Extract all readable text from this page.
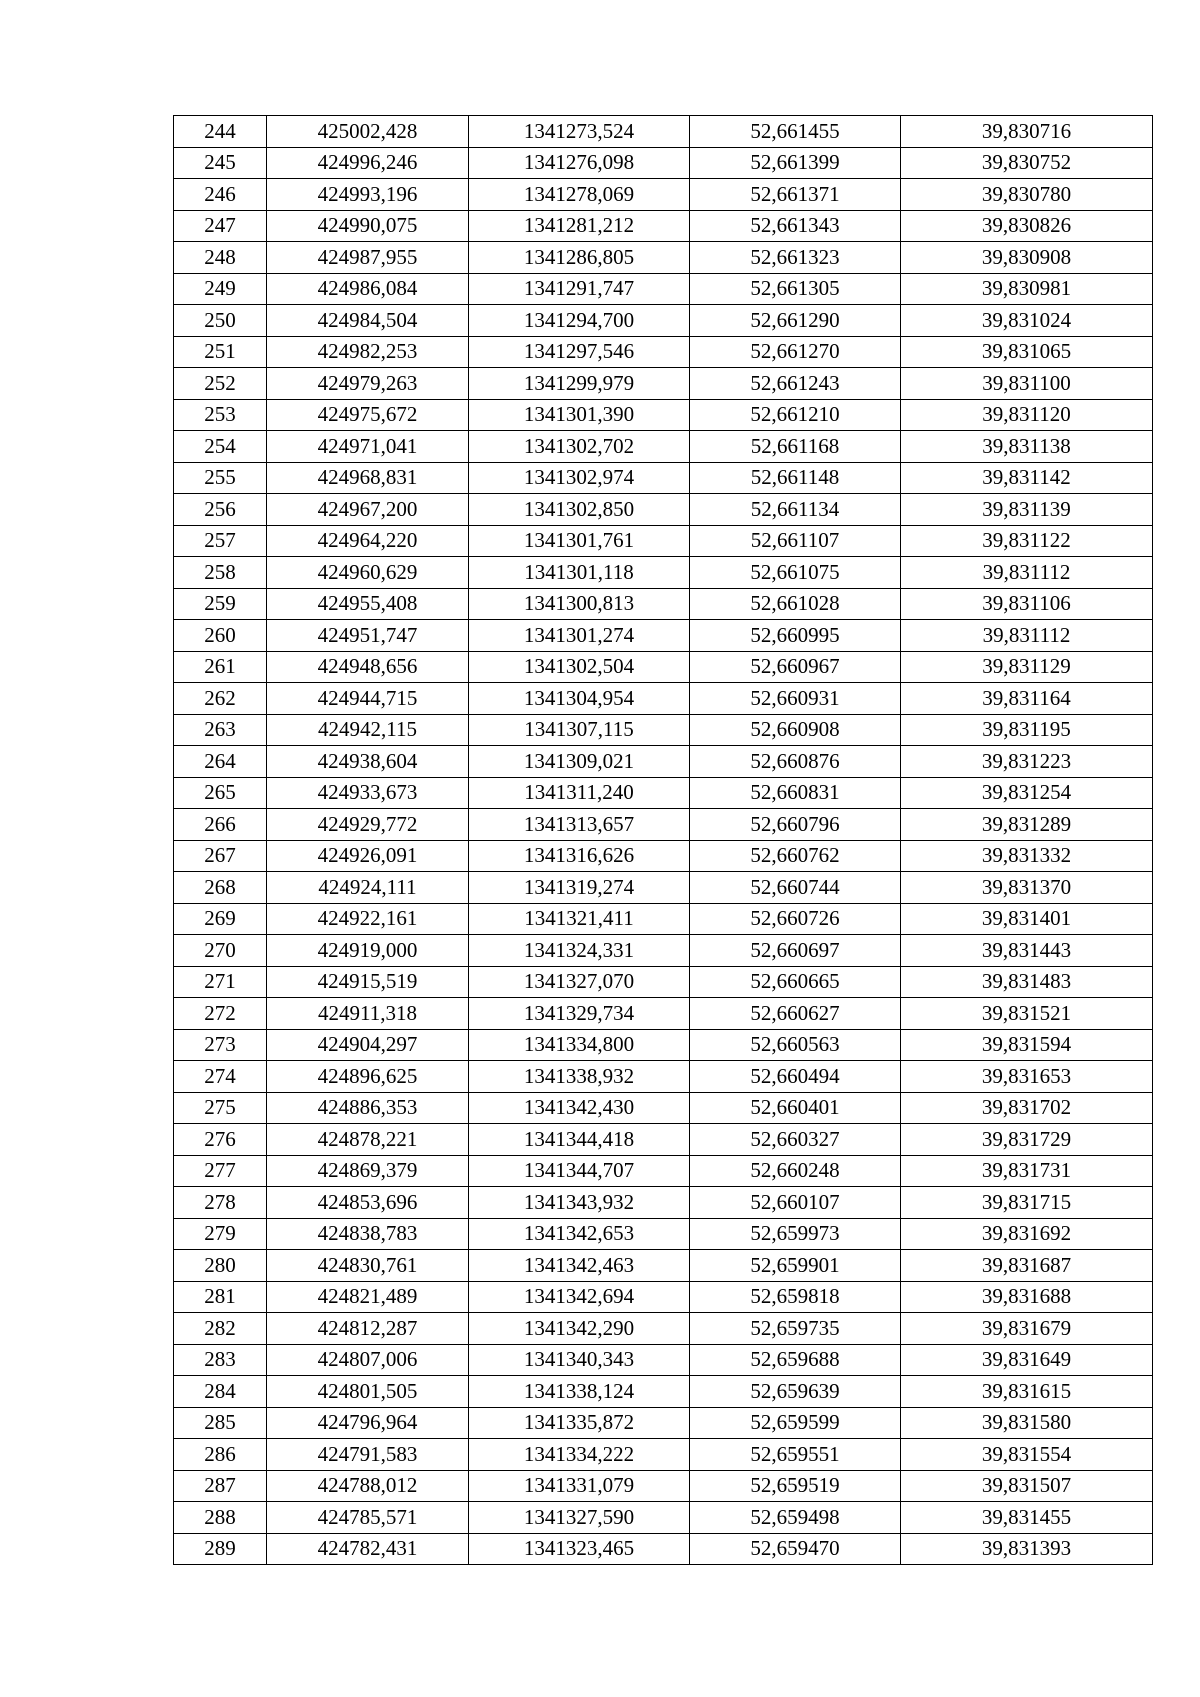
244	425002,428	1341273,524	52,661455	39,830716
245	424996,246	1341276,098	52,661399	39,830752
246	424993,196	1341278,069	52,661371	39,830780
247	424990,075	1341281,212	52,661343	39,830826
248	424987,955	1341286,805	52,661323	39,830908
249	424986,084	1341291,747	52,661305	39,830981
250	424984,504	1341294,700	52,661290	39,831024
251	424982,253	1341297,546	52,661270	39,831065
252	424979,263	1341299,979	52,661243	39,831100
253	424975,672	1341301,390	52,661210	39,831120
254	424971,041	1341302,702	52,661168	39,831138
255	424968,831	1341302,974	52,661148	39,831142
256	424967,200	1341302,850	52,661134	39,831139
257	424964,220	1341301,761	52,661107	39,831122
258	424960,629	1341301,118	52,661075	39,831112
259	424955,408	1341300,813	52,661028	39,831106
260	424951,747	1341301,274	52,660995	39,831112
261	424948,656	1341302,504	52,660967	39,831129
262	424944,715	1341304,954	52,660931	39,831164
263	424942,115	1341307,115	52,660908	39,831195
264	424938,604	1341309,021	52,660876	39,831223
265	424933,673	1341311,240	52,660831	39,831254
266	424929,772	1341313,657	52,660796	39,831289
267	424926,091	1341316,626	52,660762	39,831332
268	424924,111	1341319,274	52,660744	39,831370
269	424922,161	1341321,411	52,660726	39,831401
270	424919,000	1341324,331	52,660697	39,831443
271	424915,519	1341327,070	52,660665	39,831483
272	424911,318	1341329,734	52,660627	39,831521
273	424904,297	1341334,800	52,660563	39,831594
274	424896,625	1341338,932	52,660494	39,831653
275	424886,353	1341342,430	52,660401	39,831702
276	424878,221	1341344,418	52,660327	39,831729
277	424869,379	1341344,707	52,660248	39,831731
278	424853,696	1341343,932	52,660107	39,831715
279	424838,783	1341342,653	52,659973	39,831692
280	424830,761	1341342,463	52,659901	39,831687
281	424821,489	1341342,694	52,659818	39,831688
282	424812,287	1341342,290	52,659735	39,831679
283	424807,006	1341340,343	52,659688	39,831649
284	424801,505	1341338,124	52,659639	39,831615
285	424796,964	1341335,872	52,659599	39,831580
286	424791,583	1341334,222	52,659551	39,831554
287	424788,012	1341331,079	52,659519	39,831507
288	424785,571	1341327,590	52,659498	39,831455
289	424782,431	1341323,465	52,659470	39,831393
